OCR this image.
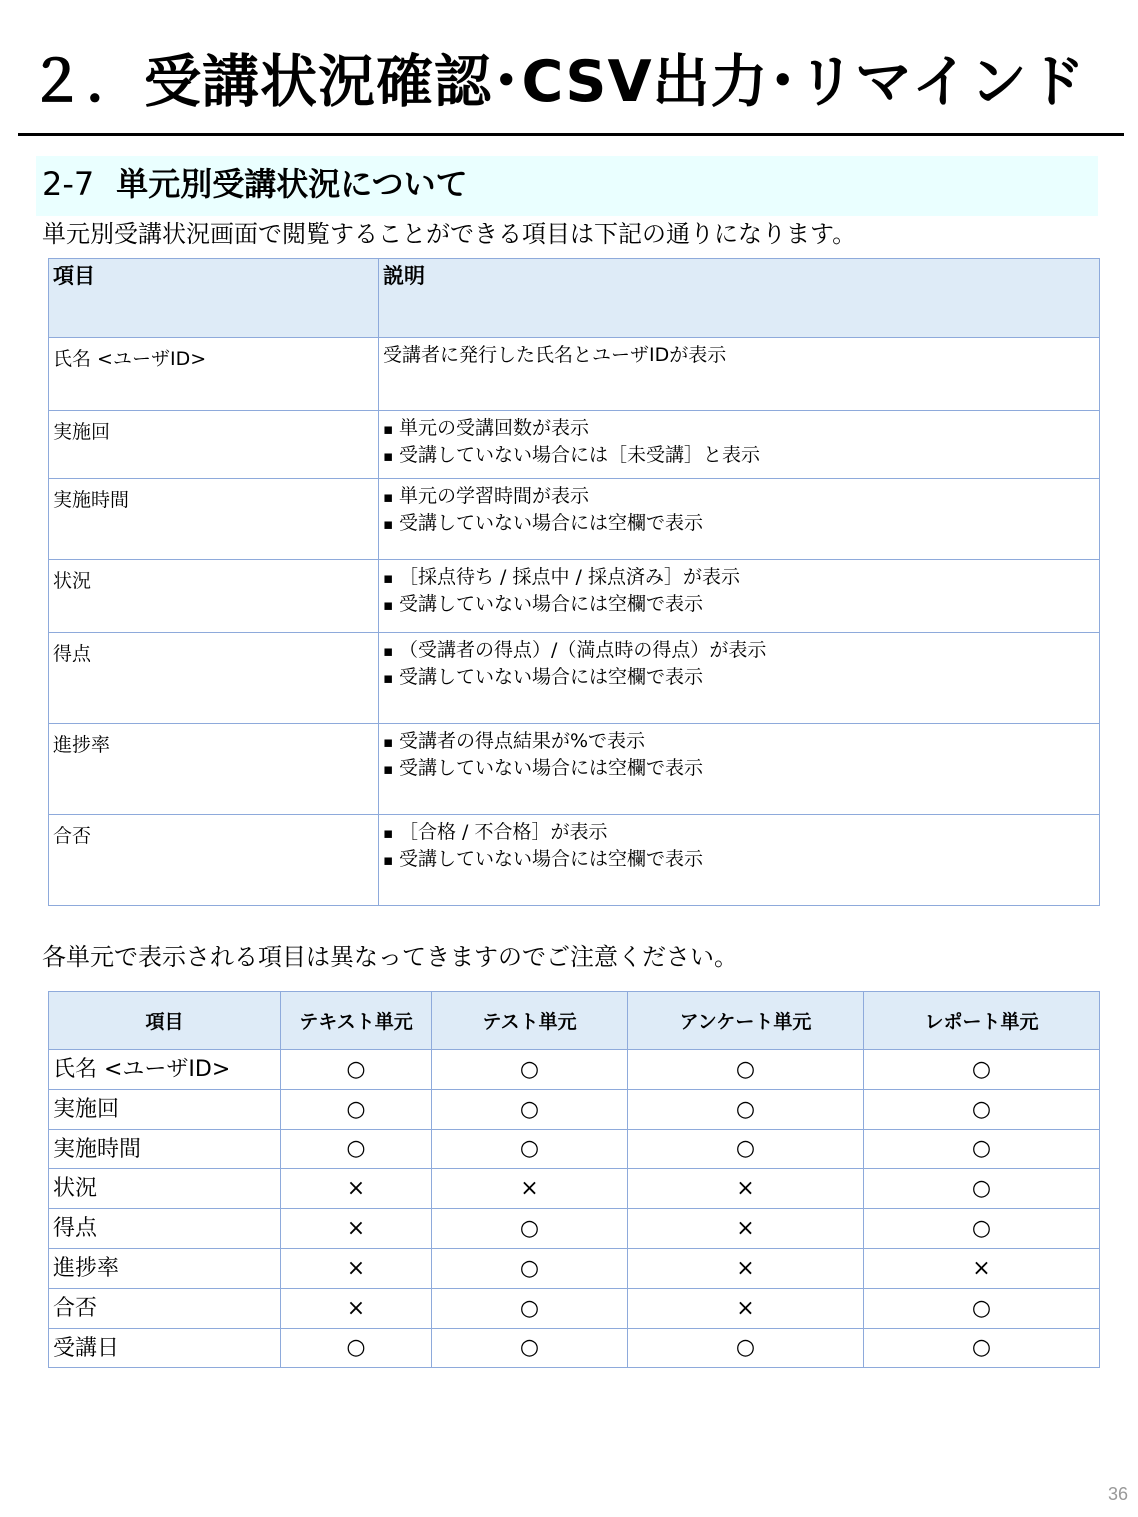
２．受講状況確認･CSV出力･リマインド
2-7 単元別受講状況について
単元別受講状況画面で閲覧することができる項目は下記の通りになります。
項目	説明
氏名 <ユーザID>	受講者に発行した氏名とユーザIDが表示
実施回	▪ 単元の受講回数が表示
▪ 受講していない場合には［未受講］と表示

実施時間	▪ 単元の学習時間が表示
▪ 受講していない場合には空欄で表示

状況	▪ ［採点待ち / 採点中 / 採点済み］が表示
▪ 受講していない場合には空欄で表示

得点	▪ （受講者の得点）/（満点時の得点）が表示
▪ 受講していない場合には空欄で表示

進捗率	▪ 受講者の得点結果が%で表示
▪ 受講していない場合には空欄で表示

合否	▪ ［合格 / 不合格］が表示
▪ 受講していない場合には空欄で表示
各単元で表示される項目は異なってきますのでご注意ください。
項目	テキスト単元	テスト単元	アンケート単元	レポート単元
氏名 <ユーザID>	○	○	○	○
実施回	○	○	○	○
実施時間	○	○	○	○
状況	×	×	×	○
得点	×	○	×	○
進捗率	×	○	×	×
合否	×	○	×	○
受講日	○	○	○	○
36
